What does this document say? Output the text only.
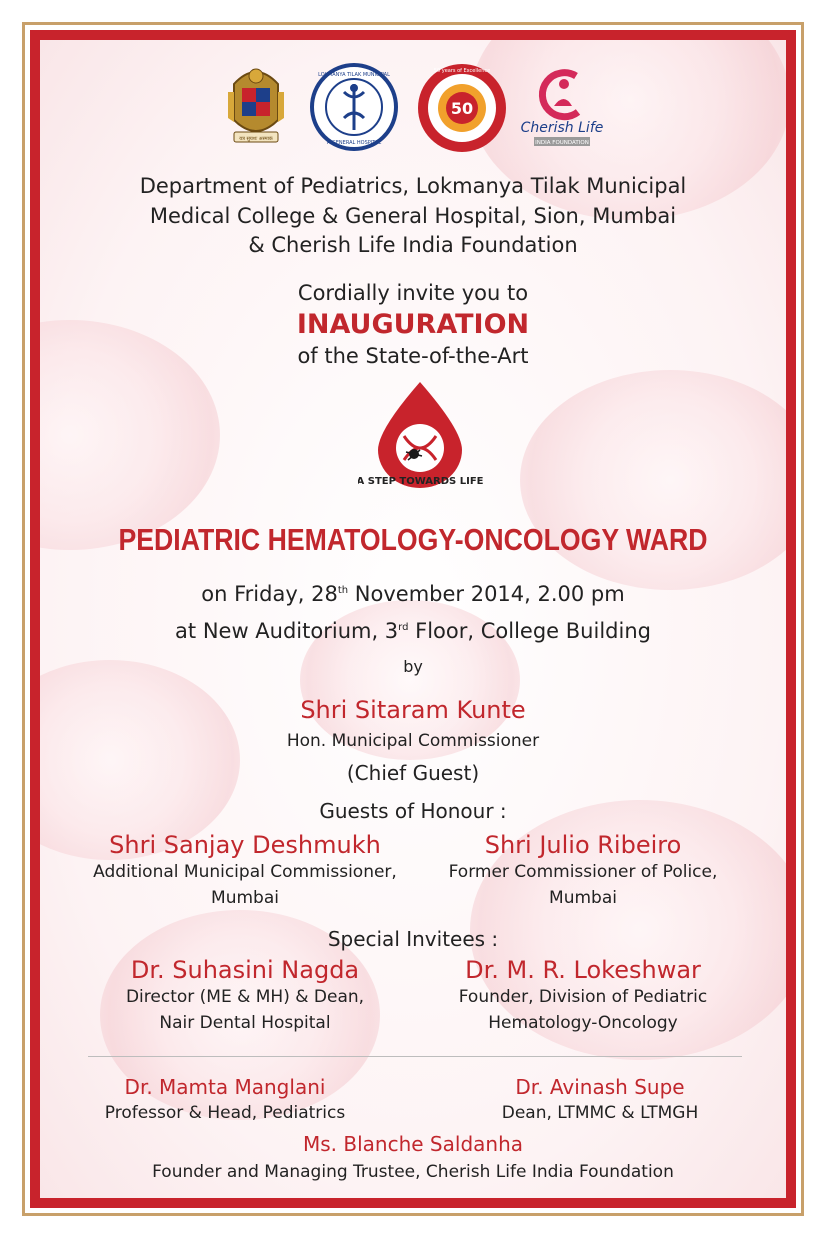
यत्र सुयशः अस्माकं
LOKMANYA TILAK MUNICIPAL
A GENERAL HOSPITAL
50
50 years of Excellence
Cherish Life
INDIA FOUNDATION
Department of Pediatrics, Lokmanya Tilak Municipal
Medical College & General Hospital, Sion, Mumbai
& Cherish Life India Foundation
Cordially invite you to
INAUGURATION
of the State-of-the-Art
A STEP TOWARDS LIFE
PEDIATRIC HEMATOLOGY-ONCOLOGY WARD
on Friday, 28th November 2014, 2.00 pm
at New Auditorium, 3rd Floor, College Building
by
Shri Sitaram Kunte
Hon. Municipal Commissioner
(Chief Guest)
Guests of Honour :
Shri Sanjay Deshmukh
Additional Municipal Commissioner,
Mumbai
Shri Julio Ribeiro
Former Commissioner of Police,
Mumbai
Special Invitees :
Dr. Suhasini Nagda
Director (ME & MH) & Dean,
Nair Dental Hospital
Dr. M. R. Lokeshwar
Founder, Division of Pediatric
Hematology-Oncology
Dr. Mamta Manglani
Professor & Head, Pediatrics
Dr. Avinash Supe
Dean, LTMMC & LTMGH
Ms. Blanche Saldanha
Founder and Managing Trustee, Cherish Life India Foundation
